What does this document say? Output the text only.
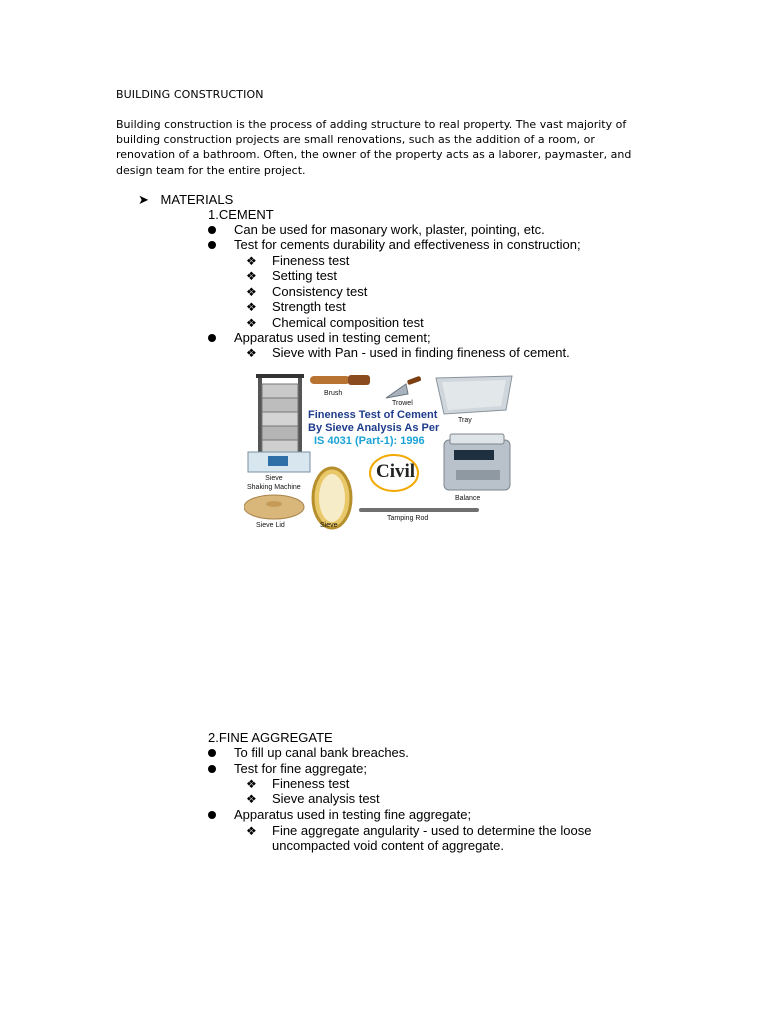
BUILDING CONSTRUCTION
Building construction is the process of adding structure to real property. The vast majority of building construction projects are small renovations, such as the addition of a room, or renovation of a bathroom. Often, the owner of the property acts as a laborer, paymaster, and design team for the entire project.
➤ MATERIALS
1.CEMENT
Can be used for masonary work, plaster, pointing, etc.
Test for cements durability and effectiveness in construction;
❖ Fineness test
❖ Setting test
❖ Consistency test
❖ Strength test
❖ Chemical composition test
Apparatus used in testing cement;
❖ Sieve with Pan - used in finding fineness of cement.
Fineness Test of Cement
By Sieve Analysis As Per
IS 4031 (Part-1): 1996
Civil
Brush
Trowel
Tray
Sieve
Shaking Machine
Balance
Sieve Lid	Sieve
Tamping Rod
2.FINE AGGREGATE
To fill up canal bank breaches.
Test for fine aggregate;
❖ Fineness test
❖ Sieve analysis test
Apparatus used in testing fine aggregate;
❖ Fine aggregate angularity - used to determine the loose
uncompacted void content of aggregate.
